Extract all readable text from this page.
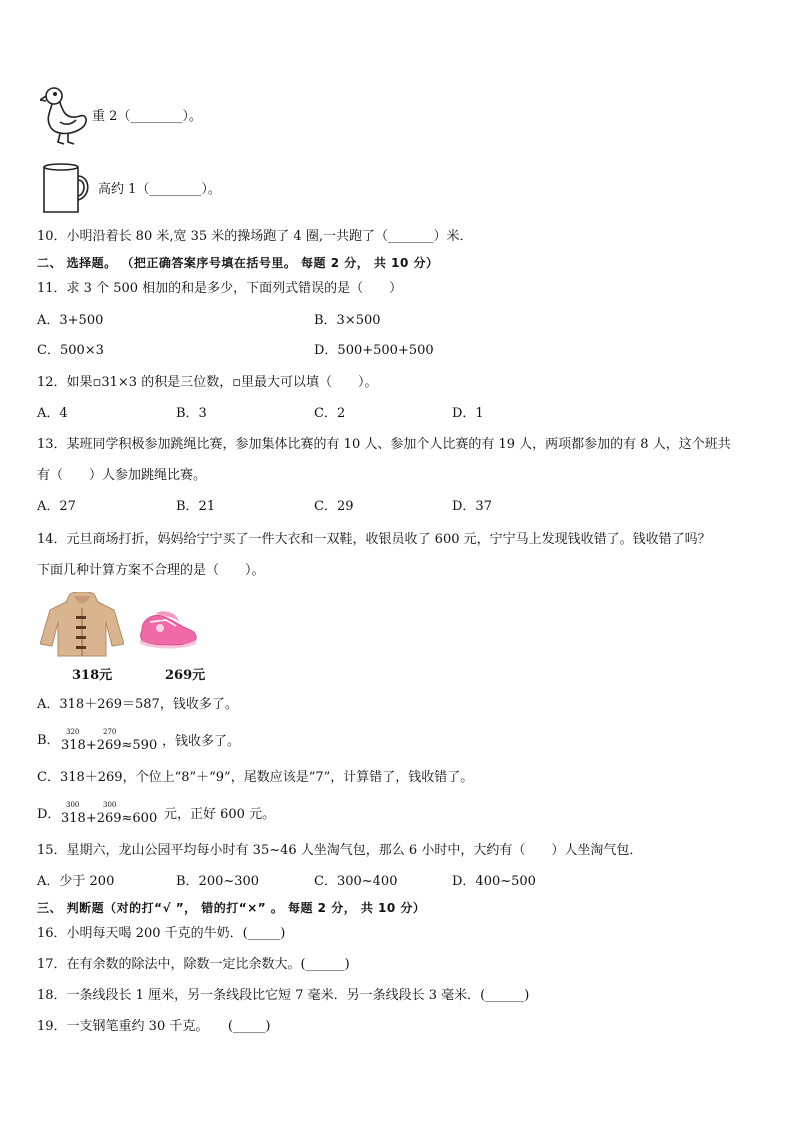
重 2（________）。
高约 1（________）。
10．小明沿着长 80 米,宽 35 米的操场跑了 4 圈,一共跑了（_______）米．
二、 选择题。 （把正确答案序号填在括号里。 每题 2 分， 共 10 分）
11．求 3 个 500 相加的和是多少，下面列式错误的是（　　）
A．3+500	B．3×500
C．500×3	D．500+500+500
12．如果▫31×3 的积是三位数，▫里最大可以填（　　）。
A．4	B．3	C．2	D．1
13．某班同学积极参加跳绳比赛，参加集体比赛的有 10 人、参加个人比赛的有 19 人，两项都参加的有 8 人，这个班共
有（　　）人参加跳绳比赛。
A．27	B．21	C．29	D．37
14．元旦商场打折，妈妈给宁宁买了一件大衣和一双鞋，收银员收了 600 元，宁宁马上发现钱收错了。钱收错了吗？
下面几种计算方案不合理的是（　　）。
318元	269元
A．318＋269＝587，钱收多了。
B．
320	270
318+269≈590 ，钱收多了。
C．318＋269，个位上“8”＋“9”，尾数应该是“7”，计算错了，钱收错了。
D．
300	300
318+269≈600 元，正好 600 元。
15．星期六，龙山公园平均每小时有 35~46 人坐淘气包，那么 6 小时中，大约有（　　）人坐淘气包．
A．少于 200	B．200~300	C．300~400	D．400~500
三、 判断题（对的打“√ ”， 错的打“×” 。 每题 2 分， 共 10 分）
16．小明每天喝 200 千克的牛奶．(_____)
17．在有余数的除法中，除数一定比余数大。(______)
18．一条线段长 1 厘米，另一条线段比它短 7 毫米．另一条线段长 3 毫米．(______)
19．一支钢笔重约 30 千克。　　(_____)
